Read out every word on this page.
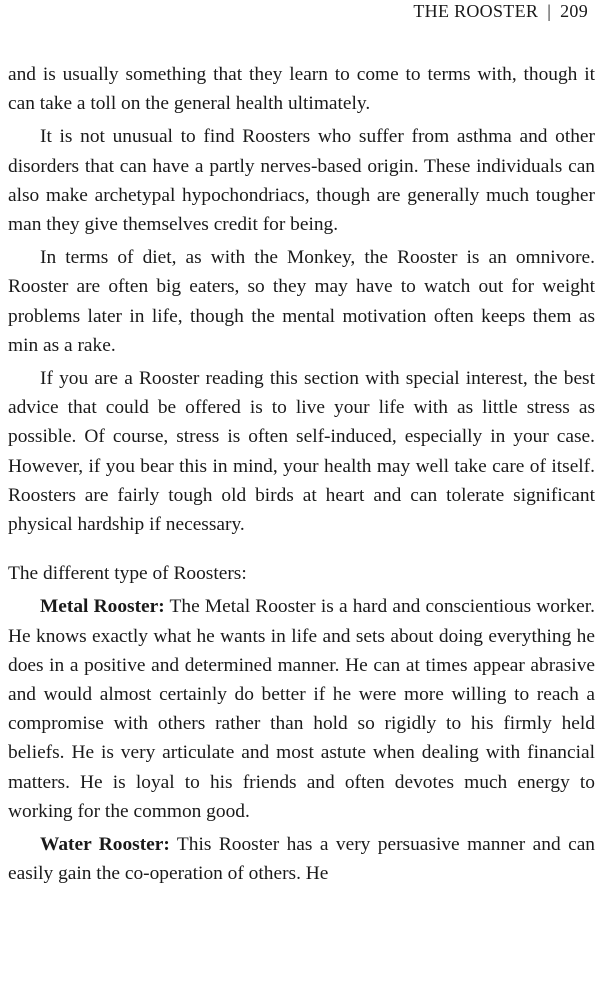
THE ROOSTER | 209

and is usually something that they learn to come to terms with, though it can take a toll on the general health ultimately.

It is not unusual to find Roosters who suffer from asthma and other disorders that can have a partly nerves-based origin. These individuals can also make archetypal hypochondriacs, though are generally much tougher man they give themselves credit for being.

In terms of diet, as with the Monkey, the Rooster is an omnivore. Rooster are often big eaters, so they may have to watch out for weight problems later in life, though the mental motivation often keeps them as min as a rake.

If you are a Rooster reading this section with special interest, the best advice that could be offered is to live your life with as little stress as possible. Of course, stress is often self-induced, especially in your case. However, if you bear this in mind, your health may well take care of itself. Roosters are fairly tough old birds at heart and can tolerate significant physical hardship if necessary.

The different type of Roosters:

Metal Rooster: The Metal Rooster is a hard and conscientious worker. He knows exactly what he wants in life and sets about doing everything he does in a positive and determined manner. He can at times appear abrasive and would almost certainly do better if he were more willing to reach a compromise with others rather than hold so rigidly to his firmly held beliefs. He is very articulate and most astute when dealing with financial matters. He is loyal to his friends and often devotes much energy to working for the common good.

Water Rooster: This Rooster has a very persuasive manner and can easily gain the co-operation of others. He
